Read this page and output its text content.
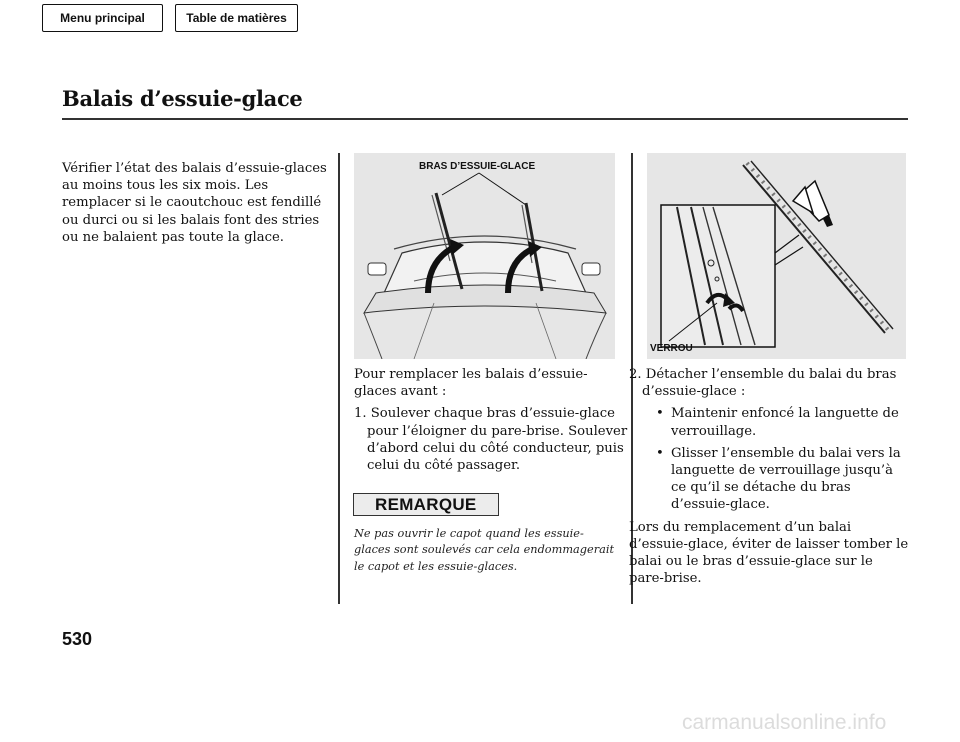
Menu principal	Table de matières
Balais d’essuie-glace
Vérifier l’état des balais d’essuie-glaces au moins tous les six mois. Les remplacer si le caoutchouc est fendillé ou durci ou si les balais font des stries ou ne balaient pas toute la glace.
BRAS D’ESSUIE-GLACE
VERROU
Pour remplacer les balais d’essuie-glaces avant :
1. Soulever chaque bras d’essuie-glace pour l’éloigner du pare-brise. Soulever d’abord celui du côté conducteur, puis celui du côté passager.
REMARQUE
Ne pas ouvrir le capot quand les essuie-glaces sont soulevés car cela endommagerait le capot et les essuie-glaces.
2. Détacher l’ensemble du balai du bras d’essuie-glace :
• Maintenir enfoncé la languette de verrouillage.
• Glisser l’ensemble du balai vers la languette de verrouillage jusqu’à ce qu’il se détache du bras d’essuie-glace.
Lors du remplacement d’un balai d’essuie-glace, éviter de laisser tomber le balai ou le bras d’essuie-glace sur le pare-brise.
530
carmanualsonline.info
